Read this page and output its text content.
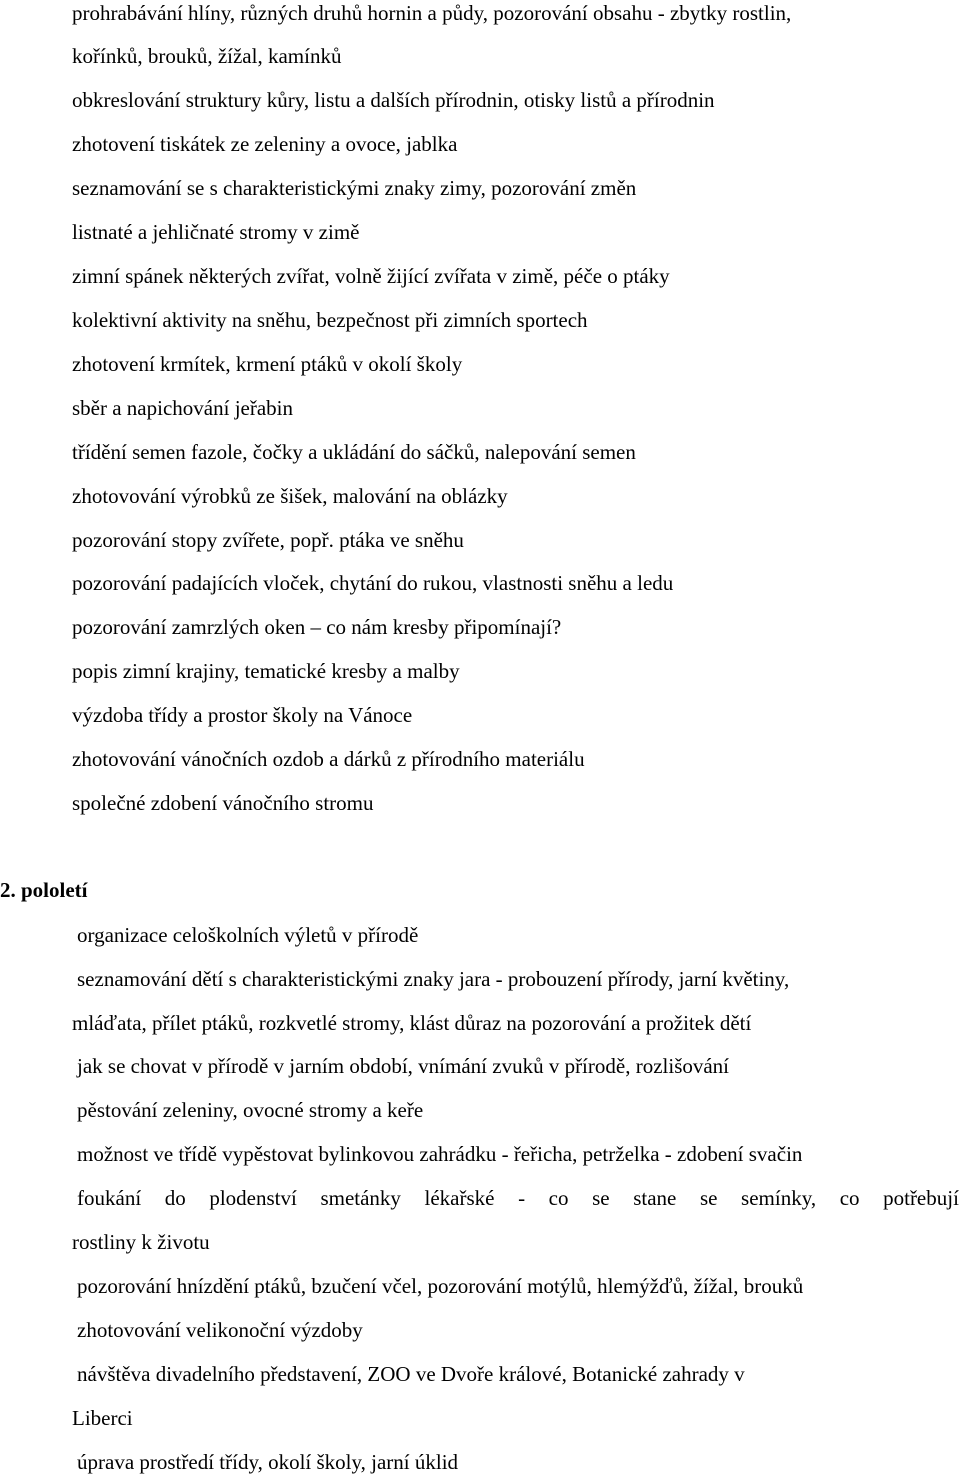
prohrabávání hlíny, různých druhů hornin a půdy, pozorování obsahu - zbytky rostlin,
kořínků, brouků, žížal, kamínků
obkreslování struktury kůry, listu a dalších přírodnin, otisky listů a přírodnin
zhotovení tiskátek ze zeleniny a ovoce, jablka
seznamování se s charakteristickými znaky zimy, pozorování změn
listnaté a jehličnaté stromy v zimě
zimní spánek některých zvířat, volně žijící zvířata v zimě, péče o ptáky
kolektivní aktivity na sněhu, bezpečnost při zimních sportech
zhotovení krmítek, krmení ptáků v okolí školy
sběr a napichování jeřabin
třídění semen fazole, čočky a ukládání do sáčků, nalepování semen
zhotovování výrobků ze šišek, malování na oblázky
pozorování stopy zvířete, popř. ptáka ve sněhu
pozorování padajících vloček, chytání do rukou, vlastnosti sněhu a ledu
pozorování zamrzlých oken – co nám kresby připomínají?
popis zimní krajiny, tematické kresby a malby
výzdoba třídy a prostor školy na Vánoce
zhotovování vánočních ozdob a dárků z přírodního materiálu
společné zdobení vánočního stromu
2. pololetí
organizace celoškolních výletů v přírodě
seznamování dětí s charakteristickými znaky jara - probouzení přírody, jarní květiny,
mláďata, přílet ptáků, rozkvetlé stromy, klást důraz na pozorování a prožitek dětí
jak se chovat v přírodě v jarním období, vnímání zvuků v přírodě, rozlišování
pěstování zeleniny, ovocné stromy a keře
možnost ve třídě vypěstovat bylinkovou zahrádku - řeřicha, petrželka - zdobení svačin
foukání do plodenství smetánky lékařské - co se stane se semínky, co potřebují
rostliny k životu
pozorování hnízdění ptáků, bzučení včel, pozorování motýlů, hlemýžďů, žížal, brouků
zhotovování velikonoční výzdoby
návštěva divadelního představení, ZOO ve Dvoře králové, Botanické zahrady v
Liberci
úprava prostředí třídy, okolí školy, jarní úklid
